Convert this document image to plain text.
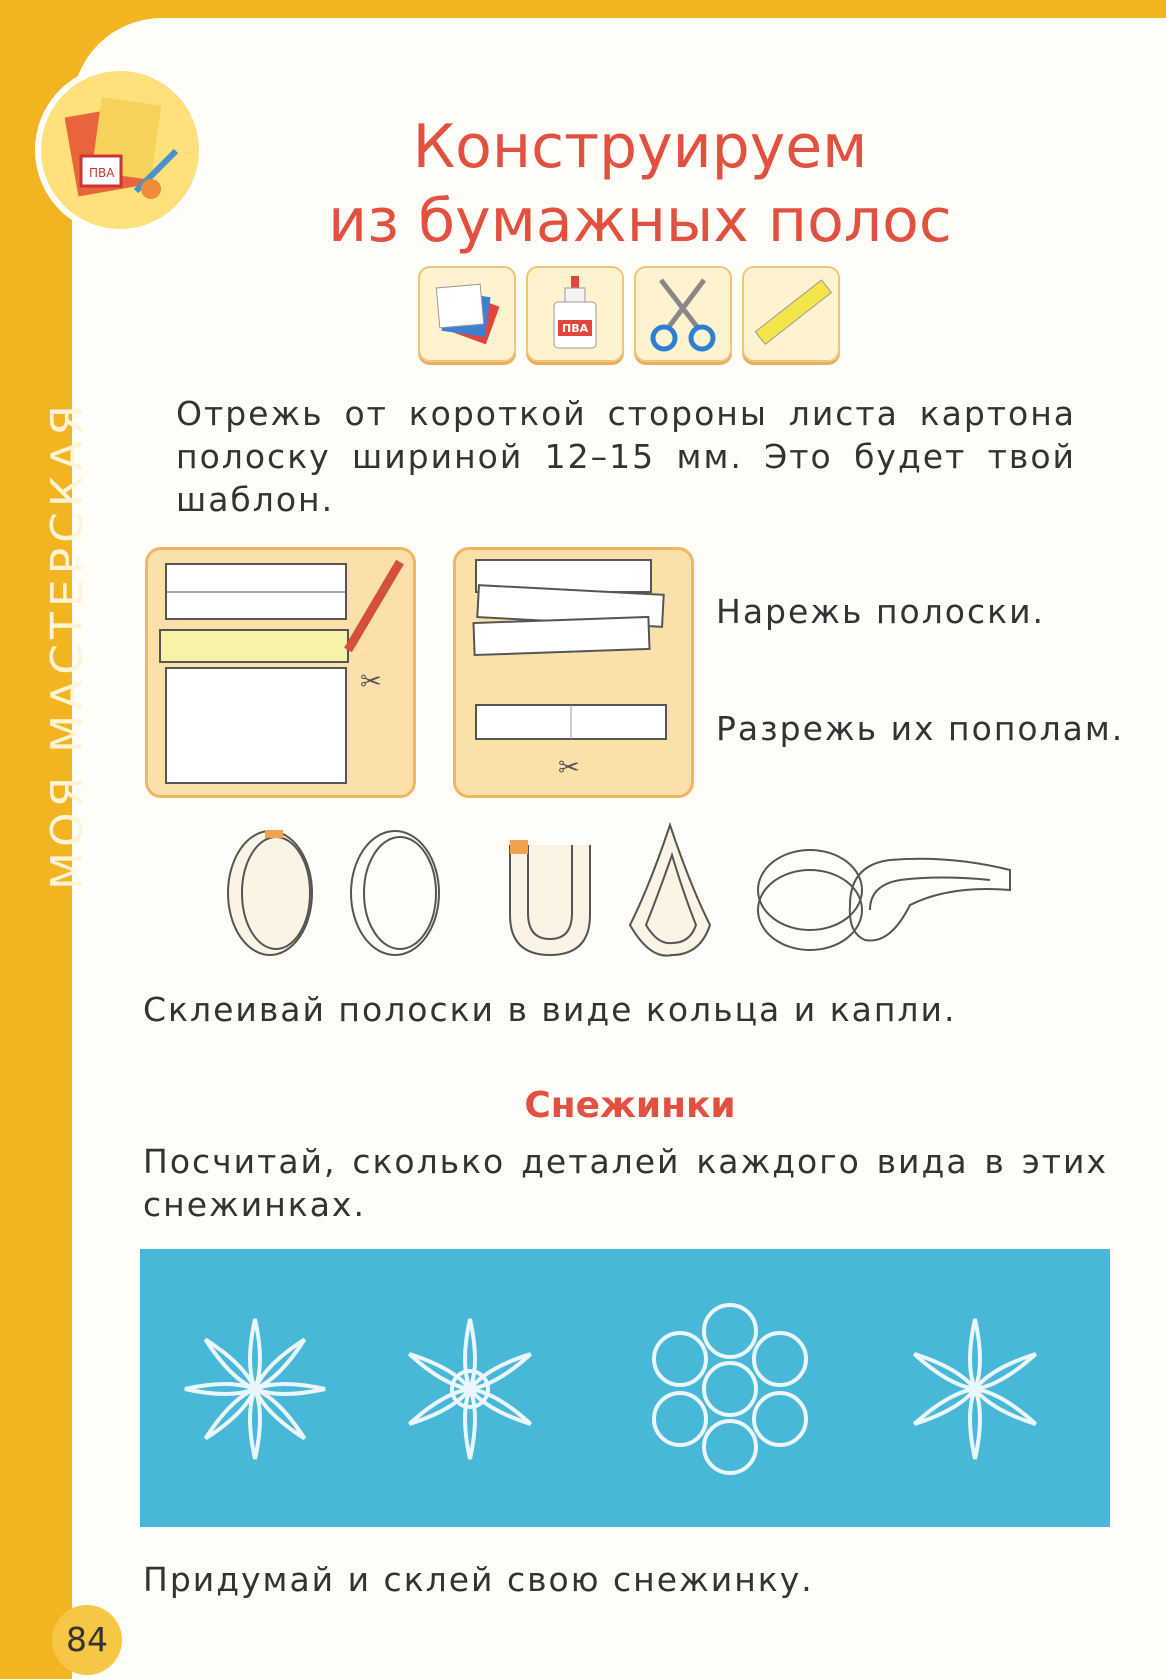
МОЯ МАСТЕРСКАЯ
ПВА	Конструируем
из бумажных полос
ПВА
Отрежь от короткой стороны листа картона полоску шириной 12–15 мм. Это будет твой шаблон.
✂
✂
Нарежь полоски.
Разрежь их пополам.
Склеивай полоски в виде кольца и капли.
Снежинки
Посчитай, сколько деталей каждого вида в этих снежинках.
Придумай и склей свою снежинку.
84
